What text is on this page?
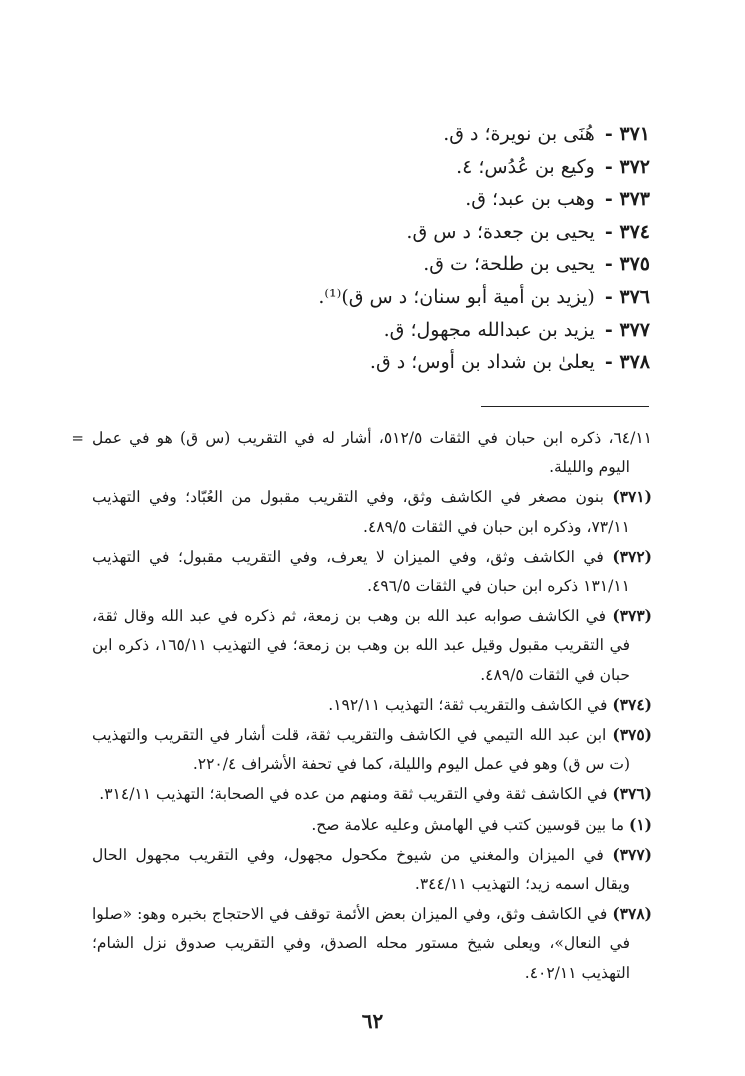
٣٧١ - هُنَى بن نويرة؛ د ق.
٣٧٢ - وكيع بن عُدُس؛ ٤.
٣٧٣ - وهب بن عبد؛ ق.
٣٧٤ - يحيى بن جعدة؛ د س ق.
٣٧٥ - يحيى بن طلحة؛ ت ق.
٣٧٦ - (يزيد بن أمية أبو سنان؛ د س ق)⁽¹⁾.
٣٧٧ - يزيد بن عبدالله مجهول؛ ق.
٣٧٨ - يعلىٰ بن شداد بن أوس؛ د ق.

= ٦٤/١١، ذكره ابن حبان في الثقات ٥١٢/٥، أشار له في التقريب (س ق) هو في عمل اليوم والليلة.

(٣٧١) بنون مصغر في الكاشف وثق، وفي التقريب مقبول من العُبّاد؛ وفي التهذيب ٧٣/١١، وذكره ابن حبان في الثقات ٤٨٩/٥.

(٣٧٢) في الكاشف وثق، وفي الميزان لا يعرف، وفي التقريب مقبول؛ في التهذيب ١٣١/١١ ذكره ابن حبان في الثقات ٤٩٦/٥.

(٣٧٣) في الكاشف صوابه عبد الله بن وهب بن زمعة، ثم ذكره في عبد الله وقال ثقة، في التقريب مقبول وقيل عبد الله بن وهب بن زمعة؛ في التهذيب ١٦٥/١١، ذكره ابن حبان في الثقات ٤٨٩/٥.

(٣٧٤) في الكاشف والتقريب ثقة؛ التهذيب ١٩٢/١١.

(٣٧٥) ابن عبد الله التيمي في الكاشف والتقريب ثقة، قلت أشار في التقريب والتهذيب (ت س ق) وهو في عمل اليوم والليلة، كما في تحفة الأشراف ٢٢٠/٤.

(٣٧٦) في الكاشف ثقة وفي التقريب ثقة ومنهم من عده في الصحابة؛ التهذيب ٣١٤/١١.

(١) ما بين قوسين كتب في الهامش وعليه علامة صح.

(٣٧٧) في الميزان والمغني من شيوخ مكحول مجهول، وفي التقريب مجهول الحال ويقال اسمه زيد؛ التهذيب ٣٤٤/١١.

(٣٧٨) في الكاشف وثق، وفي الميزان بعض الأئمة توقف في الاحتجاج بخبره وهو: «صلوا في النعال»، ويعلى شيخ مستور محله الصدق، وفي التقريب صدوق نزل الشام؛ التهذيب ٤٠٢/١١.

٦٢
